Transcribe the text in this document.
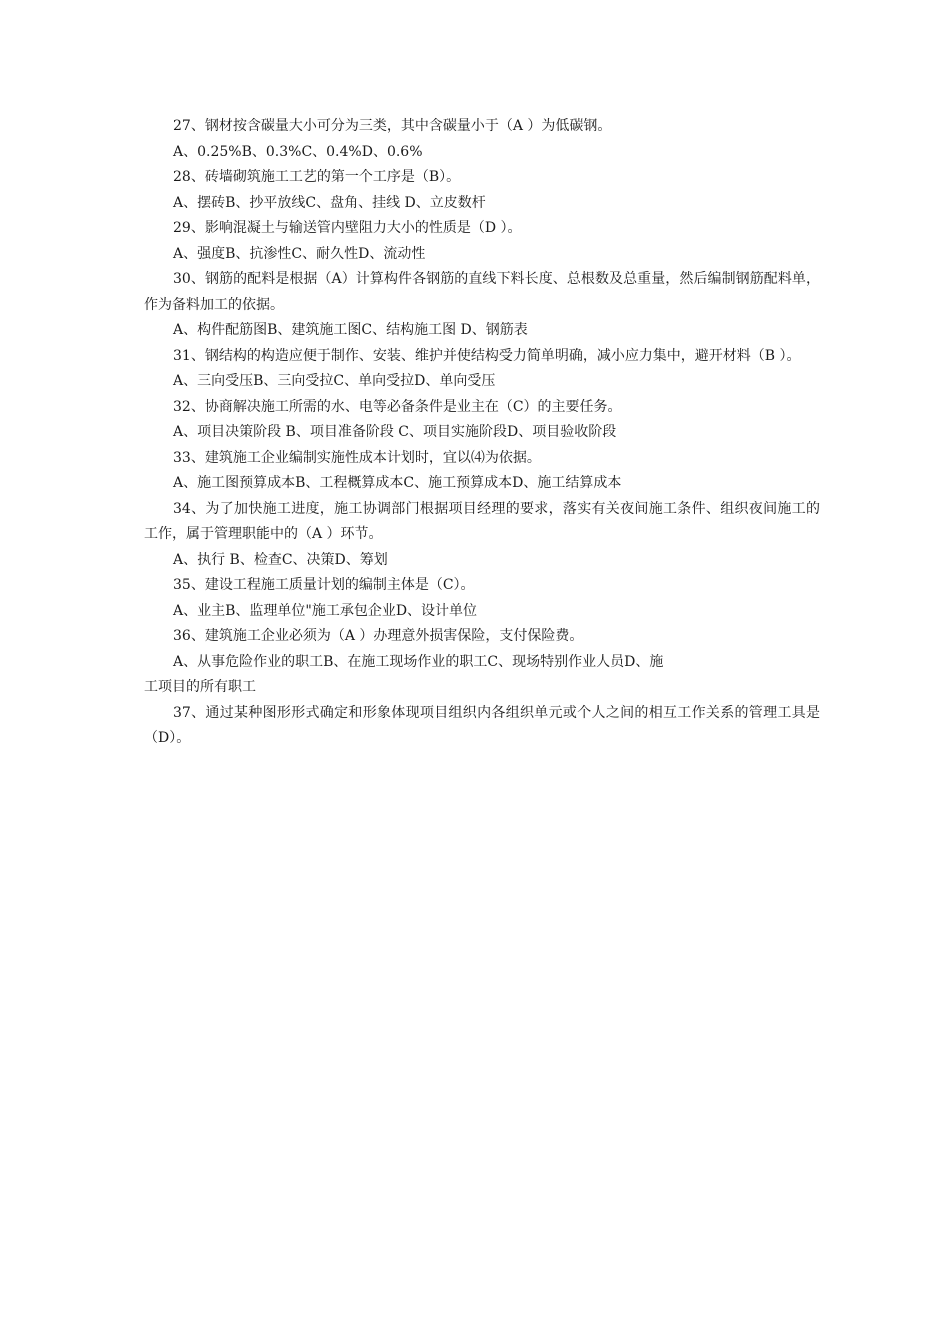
27、钢材按含碳量大小可分为三类，其中含碳量小于（A ）为低碳钢。

A、0.25%B、0.3%C、0.4%D、0.6%

28、砖墙砌筑施工工艺的第一个工序是（B）。

A、摆砖B、抄平放线C、盘角、挂线 D、立皮数杆

29、影响混凝土与输送管内壁阻力大小的性质是（D ）。

A、强度B、抗渗性C、耐久性D、流动性

30、钢筋的配料是根据（A）计算构件各钢筋的直线下料长度、总根数及总重量，然后编制钢筋配料单，作为备料加工的依据。

A、构件配筋图B、建筑施工图C、结构施工图 D、钢筋表

31、钢结构的构造应便于制作、安装、维护并使结构受力简单明确，减小应力集中，避开材料（B ）。

A、三向受压B、三向受拉C、单向受拉D、单向受压

32、协商解决施工所需的水、电等必备条件是业主在（C）的主要任务。

A、项目决策阶段 B、项目准备阶段 C、项目实施阶段D、项目验收阶段

33、建筑施工企业编制实施性成本计划时，宜以⑷为依据。

A、施工图预算成本B、工程概算成本C、施工预算成本D、施工结算成本

34、为了加快施工进度，施工协调部门根据项目经理的要求，落实有关夜间施工条件、组织夜间施工的工作，属于管理职能中的（A ）环节。

A、执行 B、检查C、决策D、筹划

35、建设工程施工质量计划的编制主体是（C）。

A、业主B、监理单位"施工承包企业D、设计单位

36、建筑施工企业必须为（A ）办理意外损害保险，支付保险费。

A、从事危险作业的职工B、在施工现场作业的职工C、现场特别作业人员D、施工项目的所有职工

37、通过某种图形形式确定和形象体现项目组织内各组织单元或个人之间的相互工作关系的管理工具是（D）。
